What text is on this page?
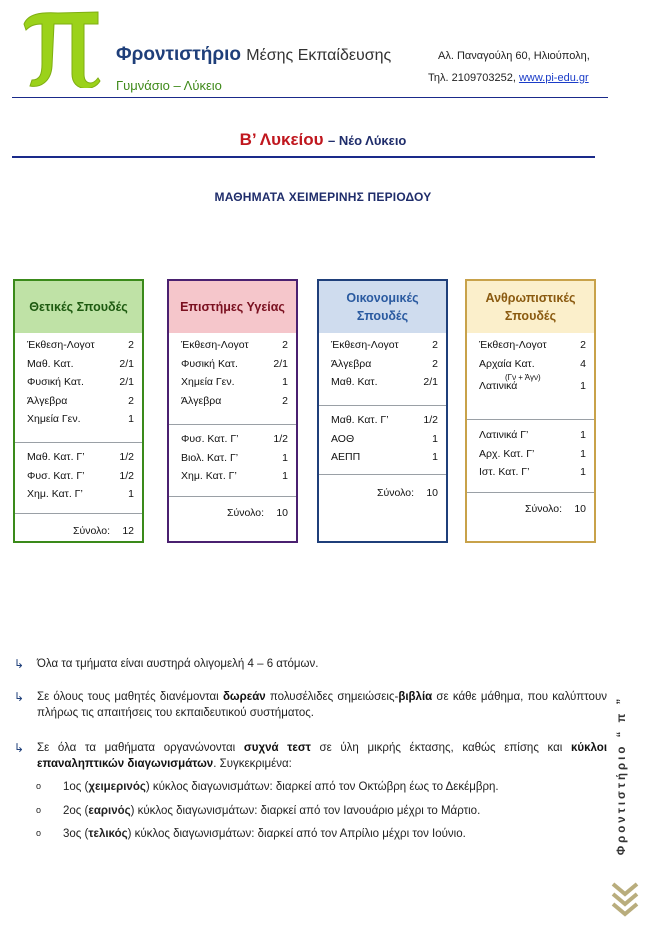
Φροντιστήριο Μέσης Εκπαίδευσης
Γυμνάσιο – Λύκειο
Αλ. Παναγούλη 60, Ηλιούπολη,
Τηλ. 2109703252, www.pi-edu.gr
Β’ Λυκείου – Νέο Λύκειο
ΜΑΘΗΜΑΤΑ ΧΕΙΜΕΡΙΝΗΣ ΠΕΡΙΟΔΟΥ
Θετικές Σπουδές
Έκθεση-Λογοτ	2
Μαθ. Κατ.	2/1
Φυσική Κατ.	2/1
Άλγεβρα	2
Χημεία Γεν.	1
Μαθ. Κατ. Γ’	1/2
Φυσ. Κατ. Γ’	1/2
Χημ. Κατ. Γ’	1
Σύνολο: 12
Επιστήμες Υγείας
Έκθεση-Λογοτ	2
Φυσική Κατ.	2/1
Χημεία Γεν.	1
Άλγεβρα	2
Φυσ. Κατ. Γ’	1/2
Βιολ. Κατ. Γ’	1
Χημ. Κατ. Γ’	1
Σύνολο: 10
Οικονομικές Σπουδές
Έκθεση-Λογοτ	2
Άλγεβρα	2
Μαθ. Κατ.	2/1
Μαθ. Κατ. Γ’	1/2
ΑΟΘ	1
ΑΕΠΠ	1
Σύνολο: 10
Ανθρωπιστικές Σπουδές
Έκθεση-Λογοτ	2
Αρχαία Κατ.	4
(Γν + Άγν)
Λατινικά	1
Λατινικά Γ’	1
Αρχ. Κατ. Γ’	1
Ιστ. Κατ. Γ’	1
Σύνολο: 10
↳	Όλα τα τμήματα είναι αυστηρά ολιγομελή 4 – 6 ατόμων.
↳	Σε όλους τους μαθητές διανέμονται δωρεάν πολυσέλιδες σημειώσεις-βιβλία σε κάθε μάθημα, που καλύπτουν πλήρως τις απαιτήσεις του εκπαιδευτικού συστήματος.
↳	Σε όλα τα μαθήματα οργανώνονται συχνά τεστ σε ύλη μικρής έκτασης, καθώς επίσης και κύκλοι επαναληπτικών διαγωνισμάτων. Συγκεκριμένα:
o 1ος (χειμερινός) κύκλος διαγωνισμάτων: διαρκεί από τον Οκτώβρη έως το Δεκέμβρη.
o 2ος (εαρινός) κύκλος διαγωνισμάτων: διαρκεί από τον Ιανουάριο μέχρι το Μάρτιο.
o 3ος (τελικός) κύκλος διαγωνισμάτων: διαρκεί από τον Απρίλιο μέχρι τον Ιούνιο.	Φροντιστήριο “ π ”
